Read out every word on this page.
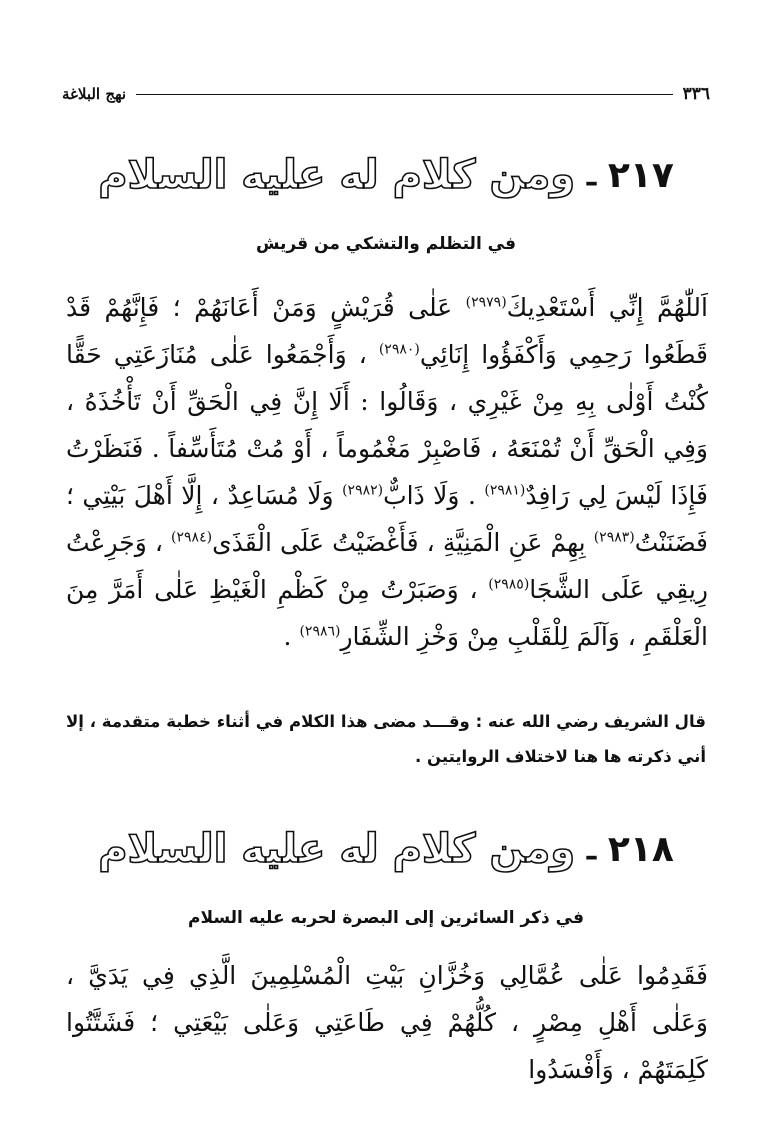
نهج البلاغة	٣٣٦
٢١٧
ـ
ومن كلام له عليه السلام
في التظلم والتشكي من قريش
اَللّٰهُمَّ إِنِّي أَسْتَعْدِيكَ$^{(٢٩٧٩)}$ عَلٰى قُرَيْشٍ وَمَنْ أَعَانَهُمْ ؛ فَإِنَّهُمْ قَدْ قَطَعُوا رَحِمِي وَأَكْفَؤُوا إِنَائِي$^{(٢٩٨٠)}$ ، وَأَجْمَعُوا عَلٰى مُنَازَعَتِي حَقًّا كُنْتُ أَوْلٰى بِهِ مِنْ غَيْرِي ، وَقَالُوا : أَلَا إِنَّ فِي الْحَقِّ أَنْ تَأْخُذَهُ ، وَفِي الْحَقِّ أَنْ تُمْنَعَهُ ، فَاصْبِرْ مَغْمُوماً ، أَوْ مُتْ مُتَأَسِّفاً . فَنَظَرْتُ فَإِذَا لَيْسَ لِي رَافِدٌ$^{(٢٩٨١)}$ . وَلَا ذَابٌّ$^{(٢٩٨٢)}$ وَلَا مُسَاعِدٌ ، إِلَّا أَهْلَ بَيْتِي ؛ فَضَنَنْتُ$^{(٢٩٨٣)}$ بِهِمْ عَنِ الْمَنِيَّةِ ، فَأَغْضَيْتُ عَلَى الْقَذَى$^{(٢٩٨٤)}$ ، وَجَرِعْتُ رِيقِي عَلَى الشَّجَا$^{(٢٩٨٥)}$ ، وَصَبَرْتُ مِنْ كَظْمِ الْغَيْظِ عَلٰى أَمَرَّ مِنَ الْعَلْقَمِ ، وَآلَمَ لِلْقَلْبِ مِنْ وَخْزِ الشِّفَارِ$^{(٢٩٨٦)}$ .
قال الشريف رضي الله عنه : وقـــد مضى هذا الكلام في أثناء خطبة متقدمة ، إلا أني ذكرته ها هنا لاختلاف الروايتين .
٢١٨
ـ
ومن كلام له عليه السلام
في ذكر السائرين إلى البصرة لحربه عليه السلام
فَقَدِمُوا عَلٰى عُمَّالِي وَخُزَّانِ بَيْتِ الْمُسْلِمِينَ الَّذِي فِي يَدَيَّ ، وَعَلٰى أَهْلِ مِصْرٍ ، كُلُّهُمْ فِي طَاعَتِي وَعَلٰى بَيْعَتِي ؛ فَشَتَّتُوا كَلِمَتَهُمْ ، وَأَفْسَدُوا
